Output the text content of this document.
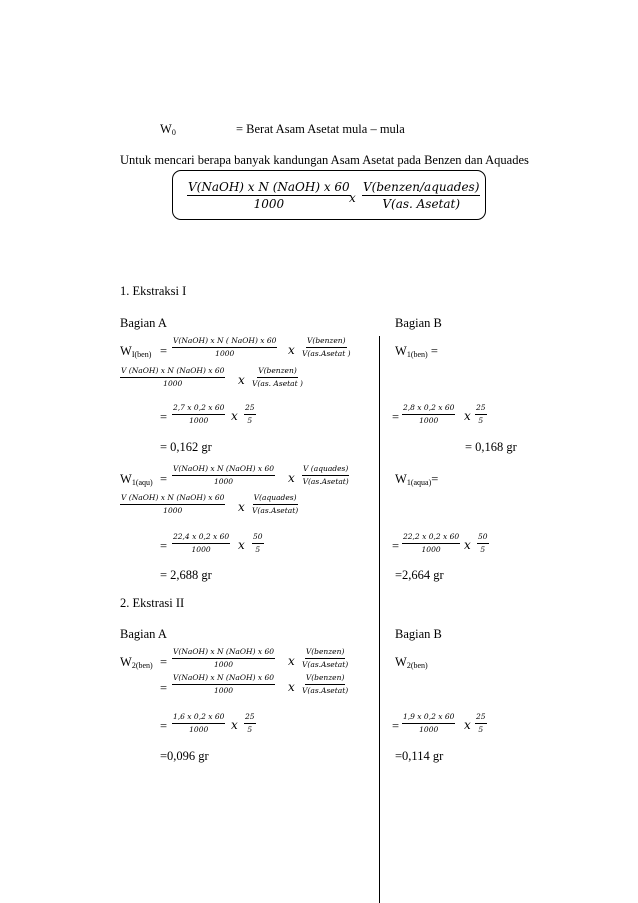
$W_0$	= Berat Asam Asetat mula – mula
Untuk mencari berapa banyak kandungan Asam Asetat pada Benzen dan Aquades
V(NaOH) x N (NaOH) x 60
1000	x
V(benzen/aquades)
V(as. Asetat)
1. Ekstraksi I
Bagian A	Bagian B
$W_{I(ben)}$ =
V(NaOH) x N ( NaOH) x 60
1000	x
V(benzen)
V(as.Asetat )
V (NaOH) x N (NaOH) x 60
1000	x
V(benzen)
V(as. Asetat )
= $\frac{2,7 x 0,2 x 60}{1000}$ x $\frac{25}{5}$
= 0,162 gr
$W_{1(ben)}$ =
= $\frac{2,8 x 0,2 x 60}{1000}$ x $\frac{25}{5}$
= 0,168 gr
$W_{1(aqu)}$ =
V(NaOH) x N (NaOH) x 60
1000	x
V (aquades)
V(as.Asetat)
V (NaOH) x N (NaOH) x 60
1000	x
V(aquades)
V(as.Asetat)
= $\frac{22,4 x 0,2 x 60}{1000}$ x $\frac{50}{5}$
= 2,688 gr
$W_{1(aqua)}=$
= $\frac{22,2 x 0,2 x 60}{1000}$ x $\frac{50}{5}$
=2,664 gr
2. Ekstrasi II
Bagian A	Bagian B
$W_{2(ben)}$ =
V(NaOH) x N (NaOH) x 60
1000	x
V(benzen)
V(as.Asetat)
=
V(NaOH) x N (NaOH) x 60
1000	x
V(benzen)
V(as.Asetat)
= $\frac{1,6 x 0,2 x 60}{1000}$ x $\frac{25}{5}$
=0,096 gr
$W_{2(ben)}$
= $\frac{1,9 x 0,2 x 60}{1000}$ x $\frac{25}{5}$
=0,114 gr
